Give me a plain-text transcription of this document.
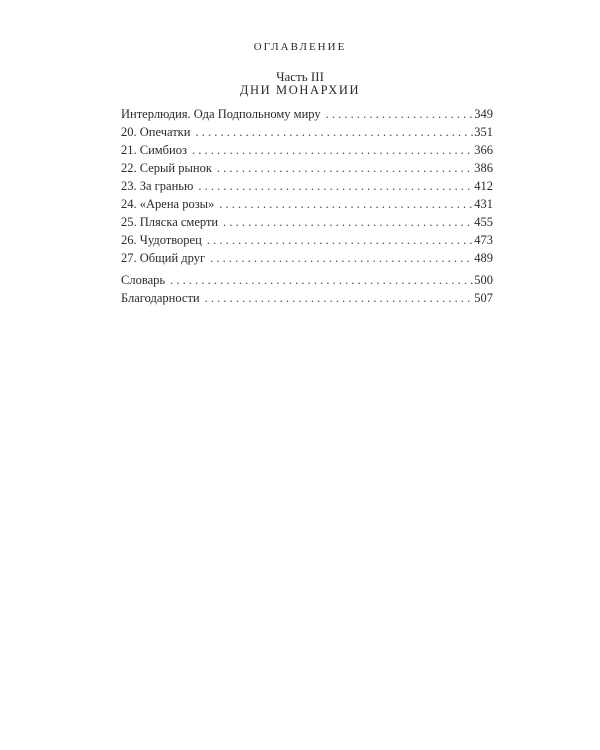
ОГЛАВЛЕНИЕ
Часть III
ДНИ МОНАРХИИ
Интерлюдия. Ода Подпольному миру . . .	349
20. Опечатки . . .	351
21. Симбиоз . . .	366
22. Серый рынок . . .	386
23. За гранью . . .	412
24. «Арена розы» . . .	431
25. Пляска смерти . . .	455
26. Чудотворец . . .	473
27. Общий друг . . .	489
Словарь . . .	500
Благодарности . . .	507
